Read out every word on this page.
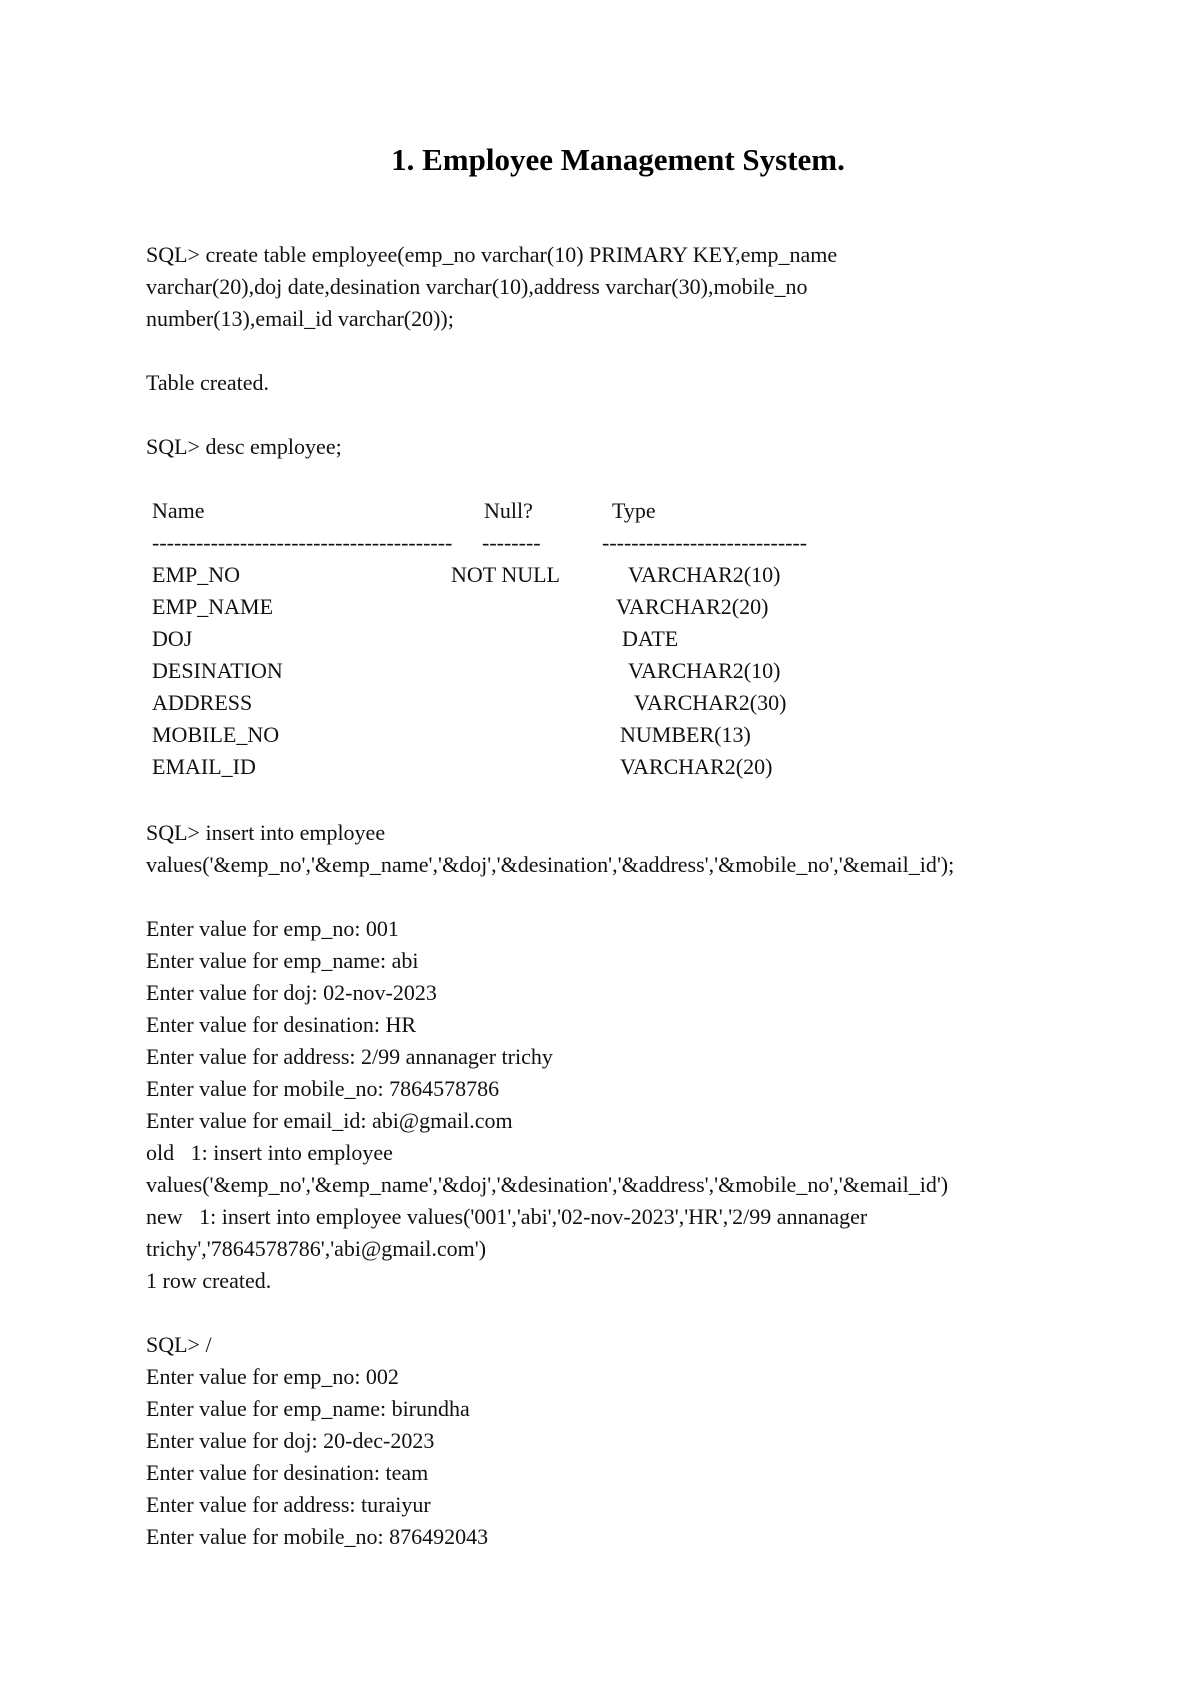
1. Employee Management System.
SQL> create table employee(emp_no varchar(10) PRIMARY KEY,emp_name
varchar(20),doj date,desination varchar(10),address varchar(30),mobile_no
number(13),email_id varchar(20));
Table created.
SQL> desc employee;
Name	Null?	Type
----------------------------------------- --------	----------------------------
EMP_NO	NOT NULL	VARCHAR2(10)
EMP_NAME	VARCHAR2(20)
DOJ	DATE
DESINATION	VARCHAR2(10)
ADDRESS	VARCHAR2(30)
MOBILE_NO	NUMBER(13)
EMAIL_ID	VARCHAR2(20)
SQL> insert into employee
values('&emp_no','&emp_name','&doj','&desination','&address','&mobile_no','&email_id');
Enter value for emp_no: 001
Enter value for emp_name: abi
Enter value for doj: 02-nov-2023
Enter value for desination: HR
Enter value for address: 2/99 annanager trichy
Enter value for mobile_no: 7864578786
Enter value for email_id: abi@gmail.com
old   1: insert into employee
values('&emp_no','&emp_name','&doj','&desination','&address','&mobile_no','&email_id')
new   1: insert into employee values('001','abi','02-nov-2023','HR','2/99 annanager
trichy','7864578786','abi@gmail.com')
1 row created.
SQL> /
Enter value for emp_no: 002
Enter value for emp_name: birundha
Enter value for doj: 20-dec-2023
Enter value for desination: team
Enter value for address: turaiyur
Enter value for mobile_no: 876492043
